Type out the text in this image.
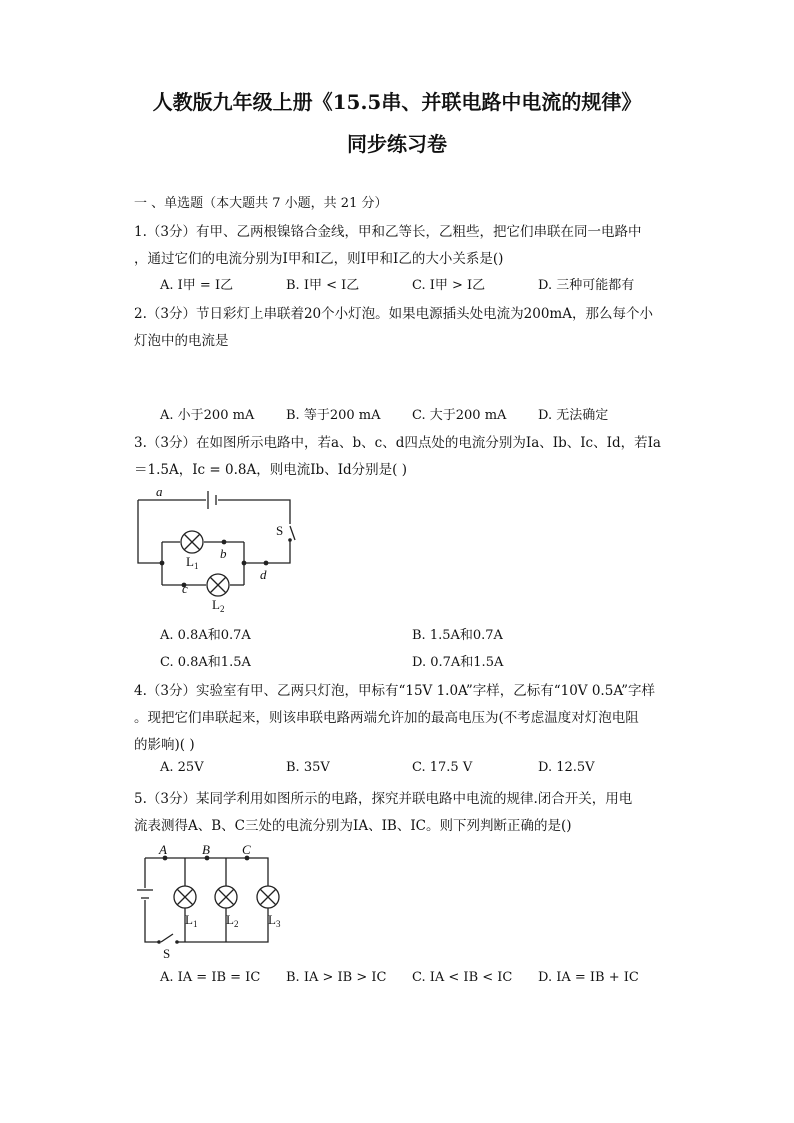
人教版九年级上册《15.5串、并联电路中电流的规律》
同步练习卷
一 、单选题（本大题共 7 小题，共 21 分）
1.（3分）有甲、乙两根镍铬合金线，甲和乙等长，乙粗些，把它们串联在同一电路中
，通过它们的电流分别为I甲和I乙，则I甲和I乙的大小关系是()
A. I甲 = I乙	B. I甲 < I乙	C. I甲 > I乙	D. 三种可能都有
2.（3分）节日彩灯上串联着20个小灯泡。如果电源插头处电流为200mA，那么每个小
灯泡中的电流是
A. 小于200 mA B. 等于200 mA C. 大于200 mA D. 无法确定
3.（3分）在如图所示电路中，若a、b、c、d四点处的电流分别为Ia、Ib、Ic、Id，若Ia
＝1.5A，Ic = 0.8A，则电流Ib、Id分别是( )
a
b
c
d
S
$L_1$
$L_2$
A. 0.8A和0.7A	B. 1.5A和0.7A
C. 0.8A和1.5A	D. 0.7A和1.5A
4.（3分）实验室有甲、乙两只灯泡，甲标有“15V 1.0A”字样，乙标有“10V 0.5A”字样
。现把它们串联起来，则该串联电路两端允许加的最高电压为(不考虑温度对灯泡电阻
的影响)( )
A. 25V	B. 35V	C. 17.5 V	D. 12.5V
5.（3分）某同学利用如图所示的电路，探究并联电路中电流的规律.闭合开关，用电
流表测得A、B、C三处的电流分别为IA、IB、IC。则下列判断正确的是()
A	B C
S
$L_1$ $L_2$ $L_3$
A. IA = IB = IC B. IA > IB > IC C. IA < IB < IC D. IA = IB + IC
